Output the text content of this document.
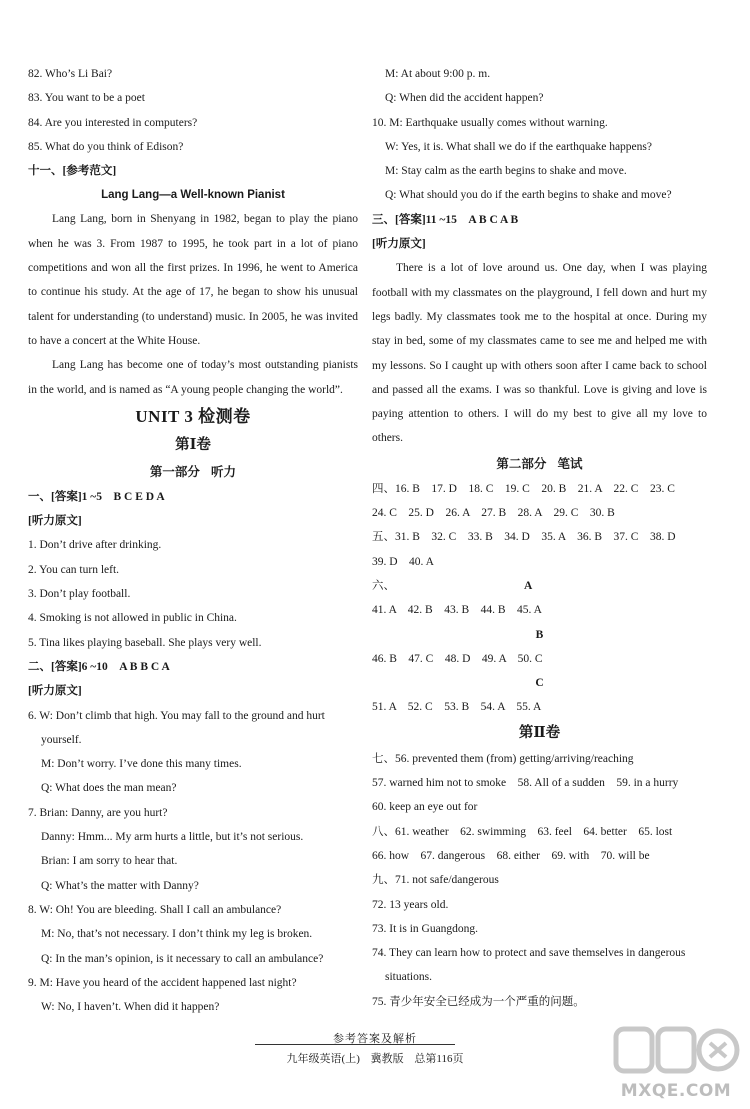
82. Who’s Li Bai?
83. You want to be a poet
84. Are you interested in computers?
85. What do you think of Edison?
十一、[参考范文]
Lang Lang—a Well-known Pianist
Lang Lang, born in Shenyang in 1982, began to play the piano when he was 3. From 1987 to 1995, he took part in a lot of piano competitions and won all the first prizes. In 1996, he went to America to continue his study. At the age of 17, he began to show his unusual talent for understanding (to understand) music. In 2005, he was invited to have a concert at the White House.
Lang Lang has become one of today’s most outstanding pianists in the world, and is named as “A young people changing the world”.
UNIT 3 检测卷
第Ⅰ卷
第一部分 听力
一、[答案]1 ~5　B C E D A
[听力原文]
1. Don’t drive after drinking.
2. You can turn left.
3. Don’t play football.
4. Smoking is not allowed in public in China.
5. Tina likes playing baseball. She plays very well.
二、[答案]6 ~10　A B B C A
[听力原文]
6. W: Don’t climb that high. You may fall to the ground and hurt
yourself.
M: Don’t worry. I’ve done this many times.
Q: What does the man mean?
7. Brian: Danny, are you hurt?
Danny: Hmm... My arm hurts a little, but it’s not serious.
Brian: I am sorry to hear that.
Q: What’s the matter with Danny?
8. W: Oh! You are bleeding. Shall I call an ambulance?
M: No, that’s not necessary. I don’t think my leg is broken.
Q: In the man’s opinion, is it necessary to call an ambulance?
9. M: Have you heard of the accident happened last night?
W: No, I haven’t. When did it happen?
M: At about 9:00 p. m.
Q: When did the accident happen?
10. M: Earthquake usually comes without warning.
W: Yes, it is. What shall we do if the earthquake happens?
M: Stay calm as the earth begins to shake and move.
Q: What should you do if the earth begins to shake and move?
三、[答案]11 ~15　A B C A B
[听力原文]
There is a lot of love around us. One day, when I was playing football with my classmates on the playground, I fell down and hurt my legs badly. My classmates took me to the hospital at once. During my stay in bed, some of my classmates came to see me and helped me with my lessons. So I caught up with others soon after I came back to school and passed all the exams. I was so thankful. Love is giving and love is paying attention to others. I will do my best to give all my love to others.
第二部分 笔试
四、16. B　17. D　18. C　19. C　20. B　21. A　22. C　23. C
24. C　25. D　26. A　27. B　28. A　29. C　30. B
五、31. B　32. C　33. B　34. D　35. A　36. B　37. C　38. D
39. D　40. A
六、	A
41. A　42. B　43. B　44. B　45. A
B
46. B　47. C　48. D　49. A　50. C
C
51. A　52. C　53. B　54. A　55. A
第Ⅱ卷
七、56. prevented them (from) getting/arriving/reaching
57. warned him not to smoke　58. All of a sudden　59. in a hurry
60. keep an eye out for
八、61. weather　62. swimming　63. feel　64. better　65. lost
66. how　67. dangerous　68. either　69. with　70. will be
九、71. not safe/dangerous
72. 13 years old.
73. It is in Guangdong.
74. They can learn how to protect and save themselves in dangerous
situations.
75. 青少年安全已经成为一个严重的问题。
参考答案及解析
九年级英语(上) 冀教版 总第116页
MXQE.COM
